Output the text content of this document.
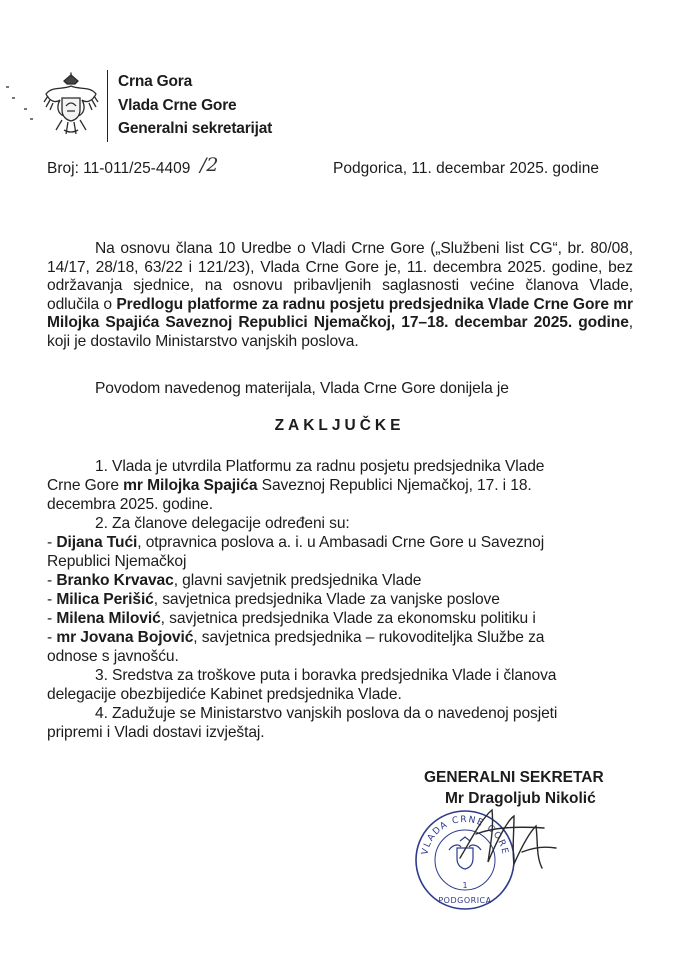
Crna Gora
Vlada Crne Gore
Generalni sekretarijat
Broj: 11-011/25-4409 /2	Podgorica, 11. decembar 2025. godine
Na osnovu člana 10 Uredbe o Vladi Crne Gore („Službeni list CG“, br. 80/08, 14/17, 28/18, 63/22 i 121/23), Vlada Crne Gore je, 11. decembra 2025. godine, bez održavanja sjednice, na osnovu pribavljenih saglasnosti većine članova Vlade, odlučila o Predlogu platforme za radnu posjetu predsjednika Vlade Crne Gore mr Milojka Spajića Saveznoj Republici Njemačkoj, 17–18. decembar 2025. godine, koji je dostavilo Ministarstvo vanjskih poslova.
Povodom navedenog materijala, Vlada Crne Gore donijela je
ZAKLJUČKE
1. Vlada je utvrdila Platformu za radnu posjetu predsjednika Vlade
Crne Gore mr Milojka Spajića Saveznoj Republici Njemačkoj, 17. i 18.
decembra 2025. godine.
2. Za članove delegacije određeni su:
- Dijana Tući, otpravnica poslova a. i. u Ambasadi Crne Gore u Saveznoj
Republici Njemačkoj
- Branko Krvavac, glavni savjetnik predsjednika Vlade
- Milica Perišić, savjetnica predsjednika Vlade za vanjske poslove
- Milena Milović, savjetnica predsjednika Vlade za ekonomsku politiku i
- mr Jovana Bojović, savjetnica predsjednika – rukovoditeljka Službe za
odnose s javnošću.
3. Sredstva za troškove puta i boravka predsjednika Vlade i članova
delegacije obezbijediće Kabinet predsjednika Vlade.
4. Zadužuje se Ministarstvo vanjskih poslova da o navedenoj posjeti
pripremi i Vladi dostavi izvještaj.
GENERALNI SEKRETAR
Mr Dragoljub Nikolić
VLADA CRNE GORE
1
PODGORICA
